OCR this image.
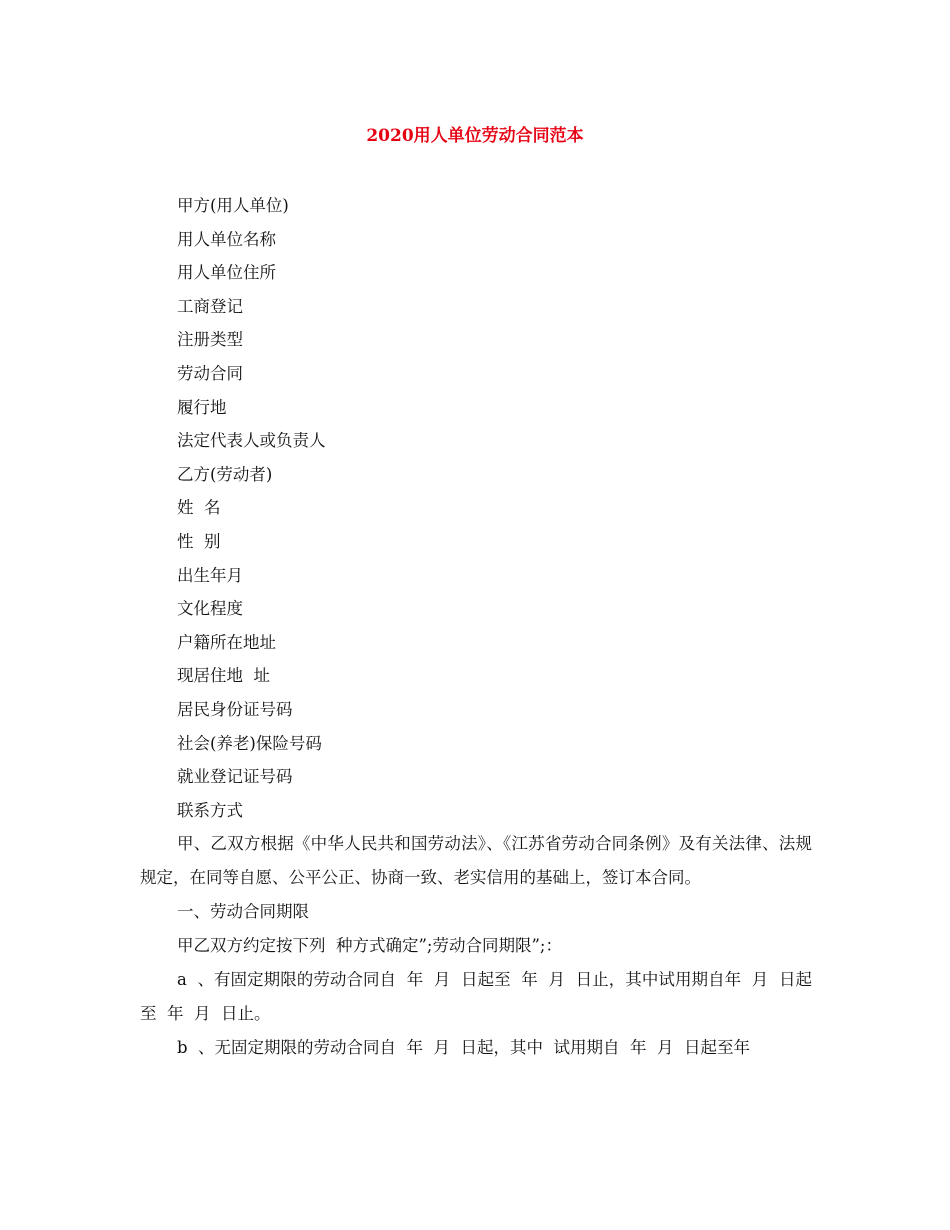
2020用人单位劳动合同范本

甲方(用人单位)

用人单位名称

用人单位住所

工商登记

注册类型

劳动合同

履行地

法定代表人或负责人

乙方(劳动者)

姓  名

性  别

出生年月

文化程度

户籍所在地址

现居住地  址

居民身份证号码

社会(养老)保险号码

就业登记证号码

联系方式

甲、乙双方根据《中华人民共和国劳动法》、《江苏省劳动合同条例》及有关法律、法规规定，在同等自愿、公平公正、协商一致、老实信用的基础上，签订本合同。

一、劳动合同期限

甲乙双方约定按下列  种方式确定”;劳动合同期限”;：

a  、有固定期限的劳动合同自  年  月  日起至  年  月  日止，其中试用期自年  月  日起至  年  月  日止。

b  、无固定期限的劳动合同自  年  月  日起，其中  试用期自  年  月  日起至年
